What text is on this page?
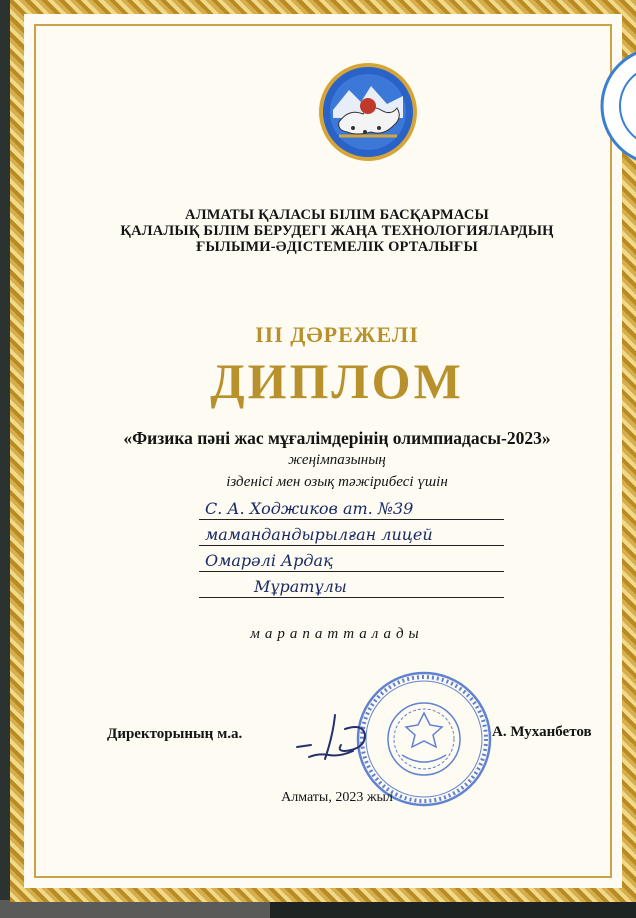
АЛМАТЫ ҚАЛАСЫ БІЛІМ БАСҚАРМАСЫ
ҚАЛАЛЫҚ БІЛІМ БЕРУДЕГІ ЖАҢА ТЕХНОЛОГИЯЛАРДЫҢ
ҒЫЛЫМИ-ӘДІСТЕМЕЛІК ОРТАЛЫҒЫ
III ДӘРЕЖЕЛІ
ДИПЛОМ
«Физика пәні жас мұғалімдерінің олимпиадасы-2023»
жеңімпазының
ізденісі мен озық тәжірибесі үшін
С. А. Ходжиков ат. №39
мамандандырылған лицей
Омарәлі Ардақ
Мұратұлы
марапатталады
Директорының м.а.	А. Муханбетов
Алматы, 2023 жыл
